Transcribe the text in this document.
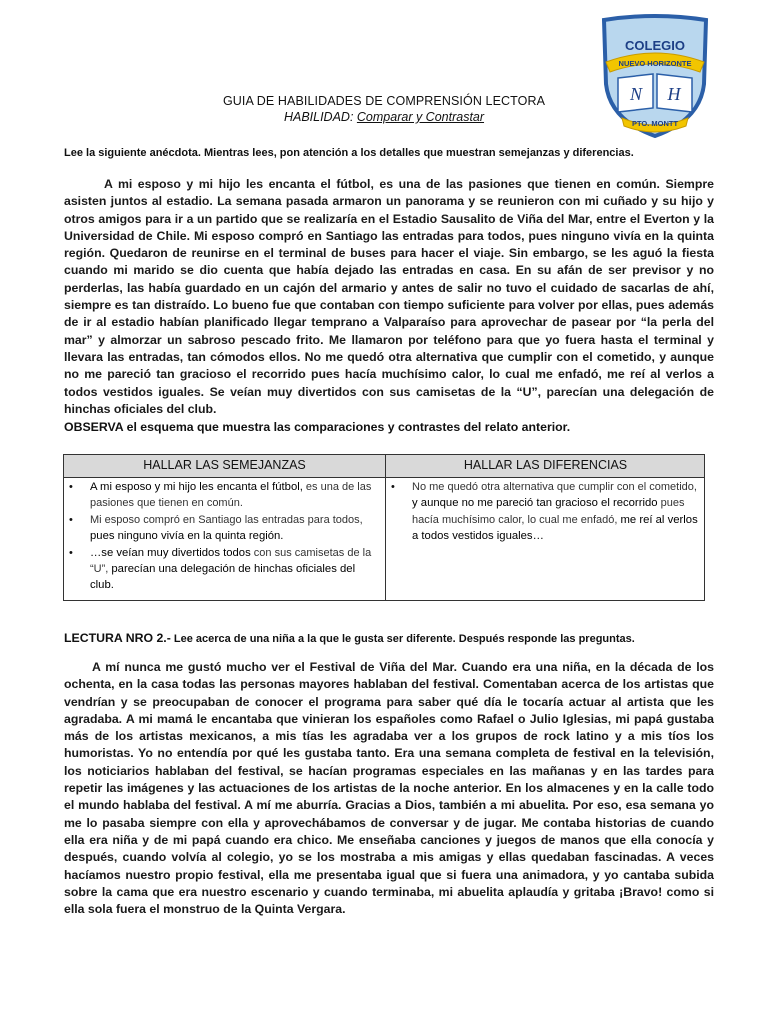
COLEGIO
NUEVO HORIZONTE
N H
PTO. MONTT
GUIA DE HABILIDADES DE COMPRENSIÓN LECTORA
HABILIDAD: Comparar y Contrastar
Lee la siguiente anécdota. Mientras lees, pon atención a los detalles que muestran semejanzas y diferencias.
A mi esposo y mi hijo les encanta el fútbol, es una de las pasiones que tienen en común. Siempre asisten juntos al estadio. La semana pasada armaron un panorama y se reunieron con mi cuñado y su hijo y otros amigos para ir a un partido que se realizaría en el Estadio Sausalito de Viña del Mar, entre el Everton y la Universidad de Chile. Mi esposo compró en Santiago las entradas para todos, pues ninguno vivía en la quinta región. Quedaron de reunirse en el terminal de buses para hacer el viaje. Sin embargo, se les aguó la fiesta cuando mi marido se dio cuenta que había dejado las entradas en casa. En su afán de ser previsor y no perderlas, las había guardado en un cajón del armario y antes de salir no tuvo el cuidado de sacarlas de ahí, siempre es tan distraído. Lo bueno fue que contaban con tiempo suficiente para volver por ellas, pues además de ir al estadio habían planificado llegar temprano a Valparaíso para aprovechar de pasear por “la perla del mar” y almorzar un sabroso pescado frito. Me llamaron por teléfono para que yo fuera hasta el terminal y llevara las entradas, tan cómodos ellos. No me quedó otra alternativa que cumplir con el cometido, y aunque no me pareció tan gracioso el recorrido pues hacía muchísimo calor, lo cual me enfadó, me reí al verlos a todos vestidos iguales. Se veían muy divertidos con sus camisetas de la “U”, parecían una delegación de hinchas oficiales del club.
OBSERVA el esquema que muestra las comparaciones y contrastes del relato anterior.
HALLAR LAS SEMEJANZAS	HALLAR LAS DIFERENCIAS
• A mi esposo y mi hijo les encanta el fútbol, es una de las pasiones que tienen en común.
• Mi esposo compró en Santiago las entradas para todos, pues ninguno vivía en la quinta región.
• …se veían muy divertidos todos con sus camisetas de la “U”, parecían una delegación de hinchas oficiales del club.
• No me quedó otra alternativa que cumplir con el cometido, y aunque no me pareció tan gracioso el recorrido pues hacía muchísimo calor, lo cual me enfadó, me reí al verlos a todos vestidos iguales…
LECTURA NRO 2.- Lee acerca de una niña a la que le gusta ser diferente. Después responde las preguntas.
A mí nunca me gustó mucho ver el Festival de Viña del Mar. Cuando era una niña, en la década de los ochenta, en la casa todas las personas mayores hablaban del festival. Comentaban acerca de los artistas que vendrían y se preocupaban de conocer el programa para saber qué día le tocaría actuar al artista que les agradaba. A mi mamá le encantaba que vinieran los españoles como Rafael o Julio Iglesias, mi papá gustaba más de los artistas mexicanos, a mis tías les agradaba ver a los grupos de rock latino y a mis tíos los humoristas. Yo no entendía por qué les gustaba tanto. Era una semana completa de festival en la televisión, los noticiarios hablaban del festival, se hacían programas especiales en las mañanas y en las tardes para repetir las imágenes y las actuaciones de los artistas de la noche anterior. En los almacenes y en la calle todo el mundo hablaba del festival. A mí me aburría. Gracias a Dios, también a mi abuelita. Por eso, esa semana yo me lo pasaba siempre con ella y aprovechábamos de conversar y de jugar. Me contaba historias de cuando ella era niña y de mi papá cuando era chico. Me enseñaba canciones y juegos de manos que ella conocía y después, cuando volvía al colegio, yo se los mostraba a mis amigas y ellas quedaban fascinadas. A veces hacíamos nuestro propio festival, ella me presentaba igual que si fuera una animadora, y yo cantaba subida sobre la cama que era nuestro escenario y cuando terminaba, mi abuelita aplaudía y gritaba ¡Bravo! como si ella sola fuera el monstruo de la Quinta Vergara.
